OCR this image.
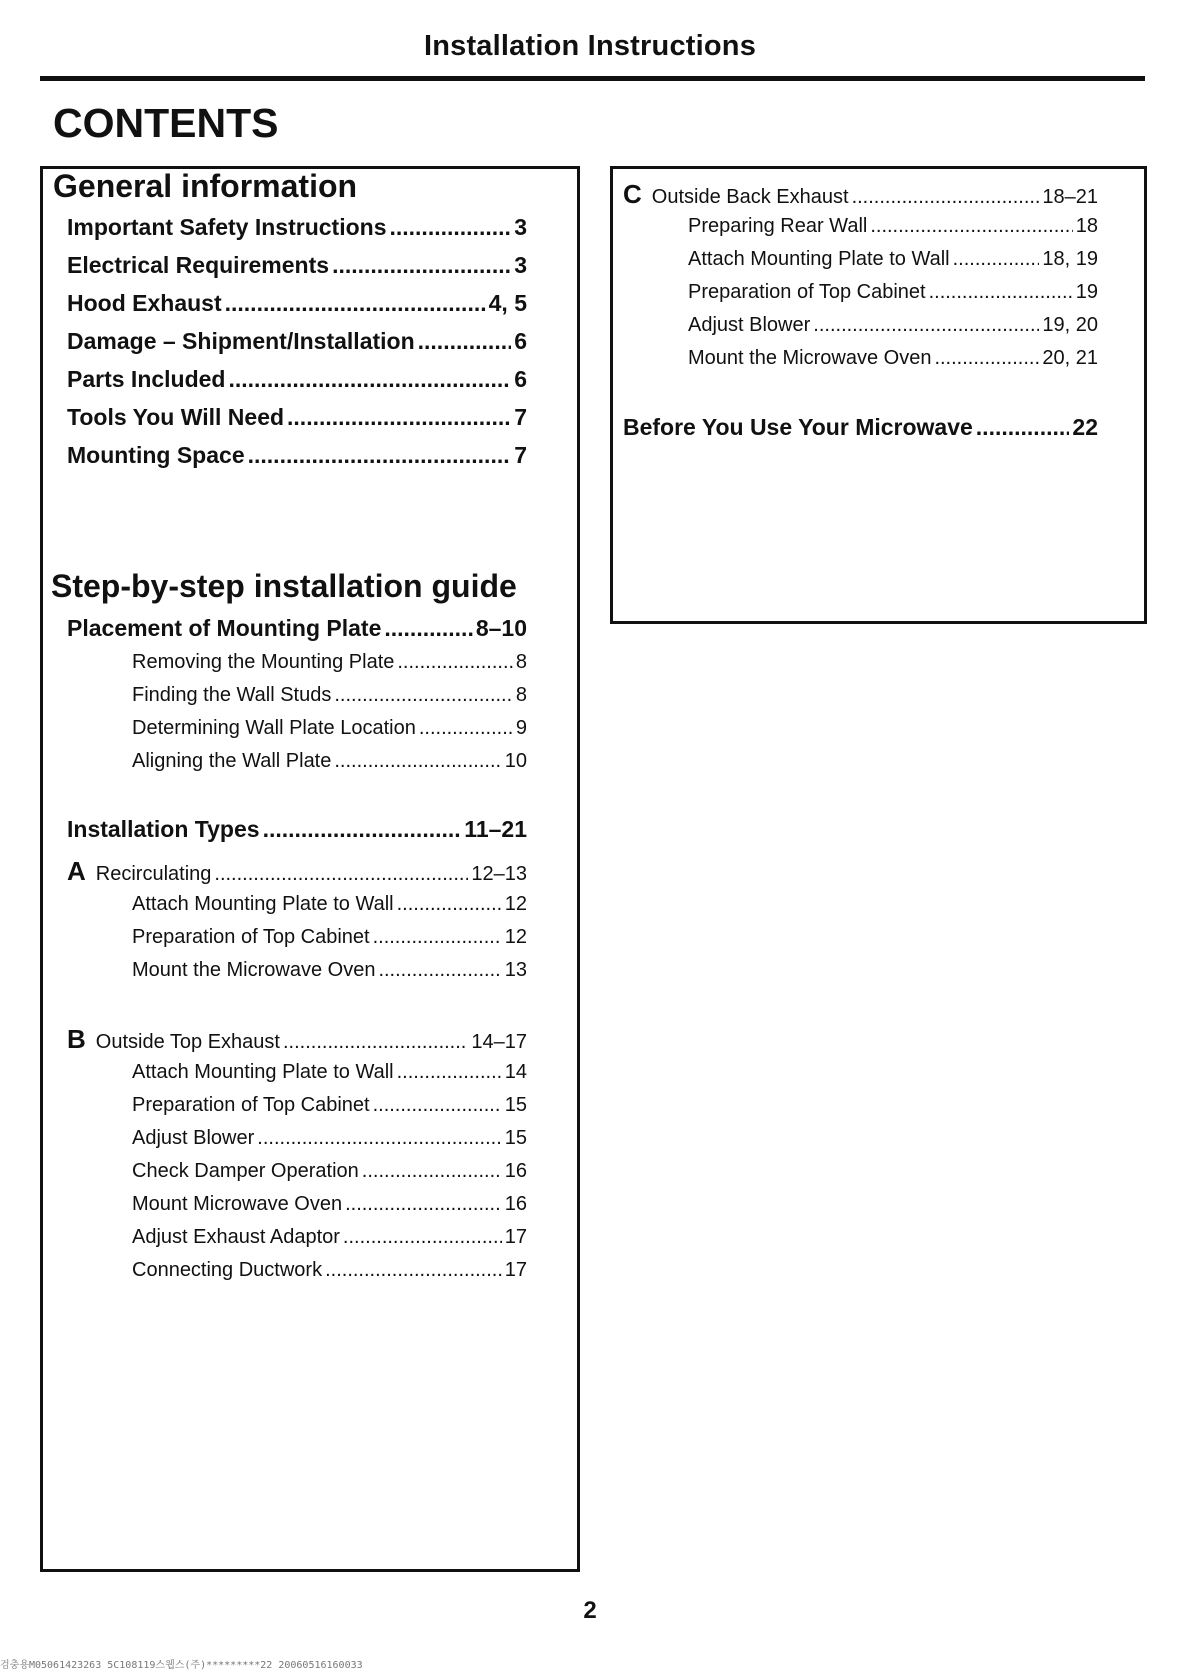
Installation Instructions
CONTENTS
General information
Important Safety Instructions .....	3
Electrical Requirements .....	3
Hood Exhaust .....	4, 5
Damage – Shipment/Installation .....	6
Parts Included .....	6
Tools You Will Need .....	7
Mounting Space .....	7
Step-by-step installation guide
Placement of Mounting Plate .....	8–10
Removing the Mounting Plate .....	8
Finding the Wall Studs .....	8
Determining Wall Plate Location .....	9
Aligning the Wall Plate .....	10
Installation Types .....	11–21
A Recirculating .....	12–13
Attach Mounting Plate to Wall .....	12
Preparation of Top Cabinet .....	12
Mount the Microwave Oven .....	13
B Outside Top Exhaust .....	14–17
Attach Mounting Plate to Wall .....	14
Preparation of Top Cabinet .....	15
Adjust Blower .....	15
Check Damper Operation .....	16
Mount Microwave Oven .....	16
Adjust Exhaust Adaptor .....	17
Connecting Ductwork .....	17
C Outside Back Exhaust .....	18–21
Preparing Rear Wall .....	18
Attach Mounting Plate to Wall .....	18, 19
Preparation of Top Cabinet .....	19
Adjust Blower .....	19, 20
Mount the Microwave Oven .....	20, 21
Before You Use Your Microwave .....	22
2
검충용M05061423263 5C108119스웹스(주)*********22 20060516160033
